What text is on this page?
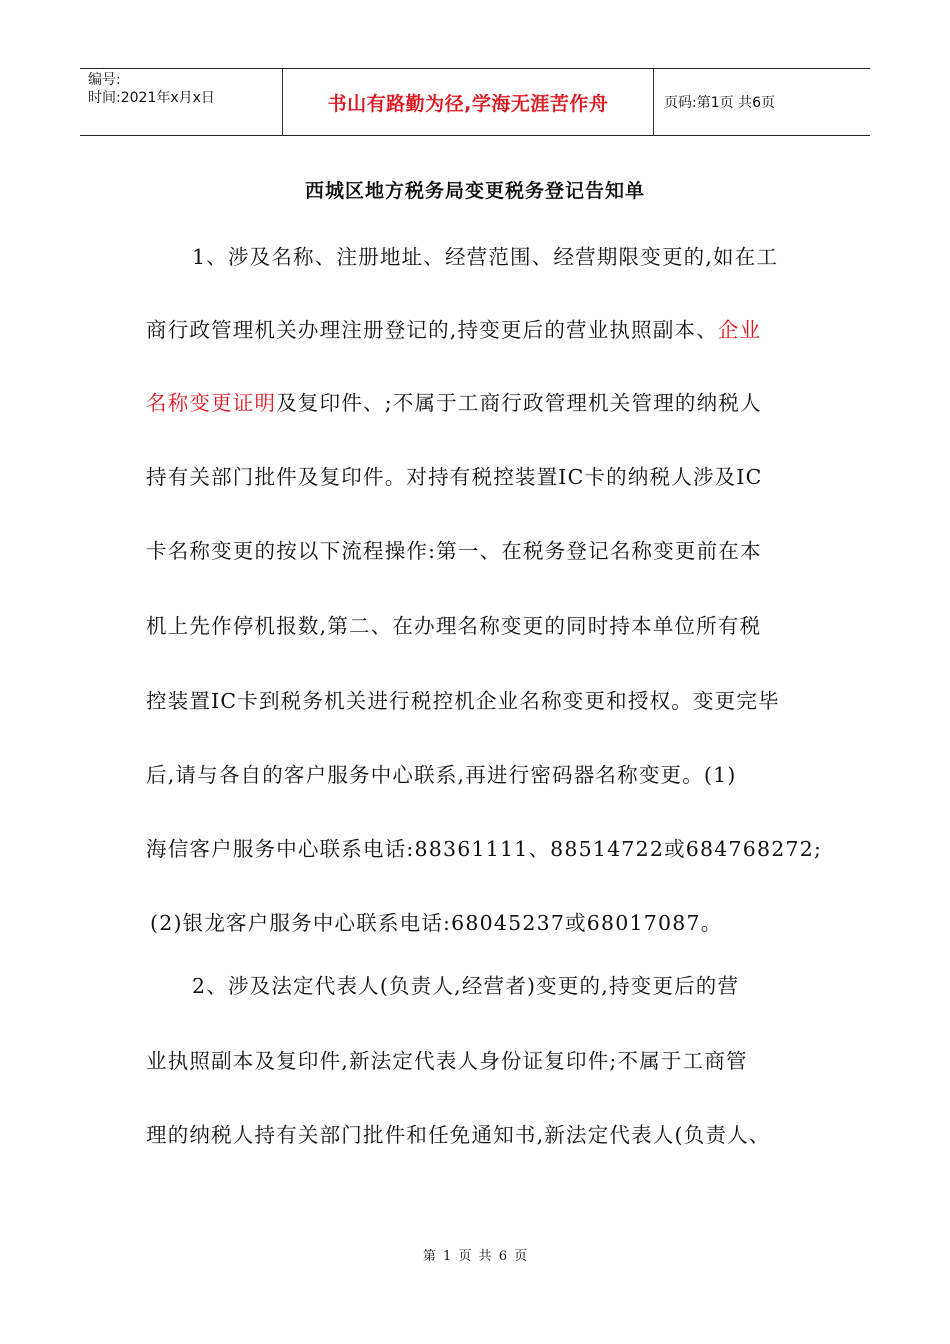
编号:
时间:2021年x月x日	书山有路勤为径,学海无涯苦作舟	页码:第1页 共6页
西城区地方税务局变更税务登记告知单
1、涉及名称、注册地址、经营范围、经营期限变更的,如在工
商行政管理机关办理注册登记的,持变更后的营业执照副本、企业
名称变更证明及复印件、;不属于工商行政管理机关管理的纳税人
持有关部门批件及复印件。对持有税控装置IC卡的纳税人涉及IC
卡名称变更的按以下流程操作:第一、在税务登记名称变更前在本
机上先作停机报数,第二、在办理名称变更的同时持本单位所有税
控装置IC卡到税务机关进行税控机企业名称变更和授权。变更完毕
后,请与各自的客户服务中心联系,再进行密码器名称变更。(1)
海信客户服务中心联系电话:88361111、88514722或684768272;
(2)银龙客户服务中心联系电话:68045237或68017087。
2、涉及法定代表人(负责人,经营者)变更的,持变更后的营
业执照副本及复印件,新法定代表人身份证复印件;不属于工商管
理的纳税人持有关部门批件和任免通知书,新法定代表人(负责人、
第 1 页 共 6 页
